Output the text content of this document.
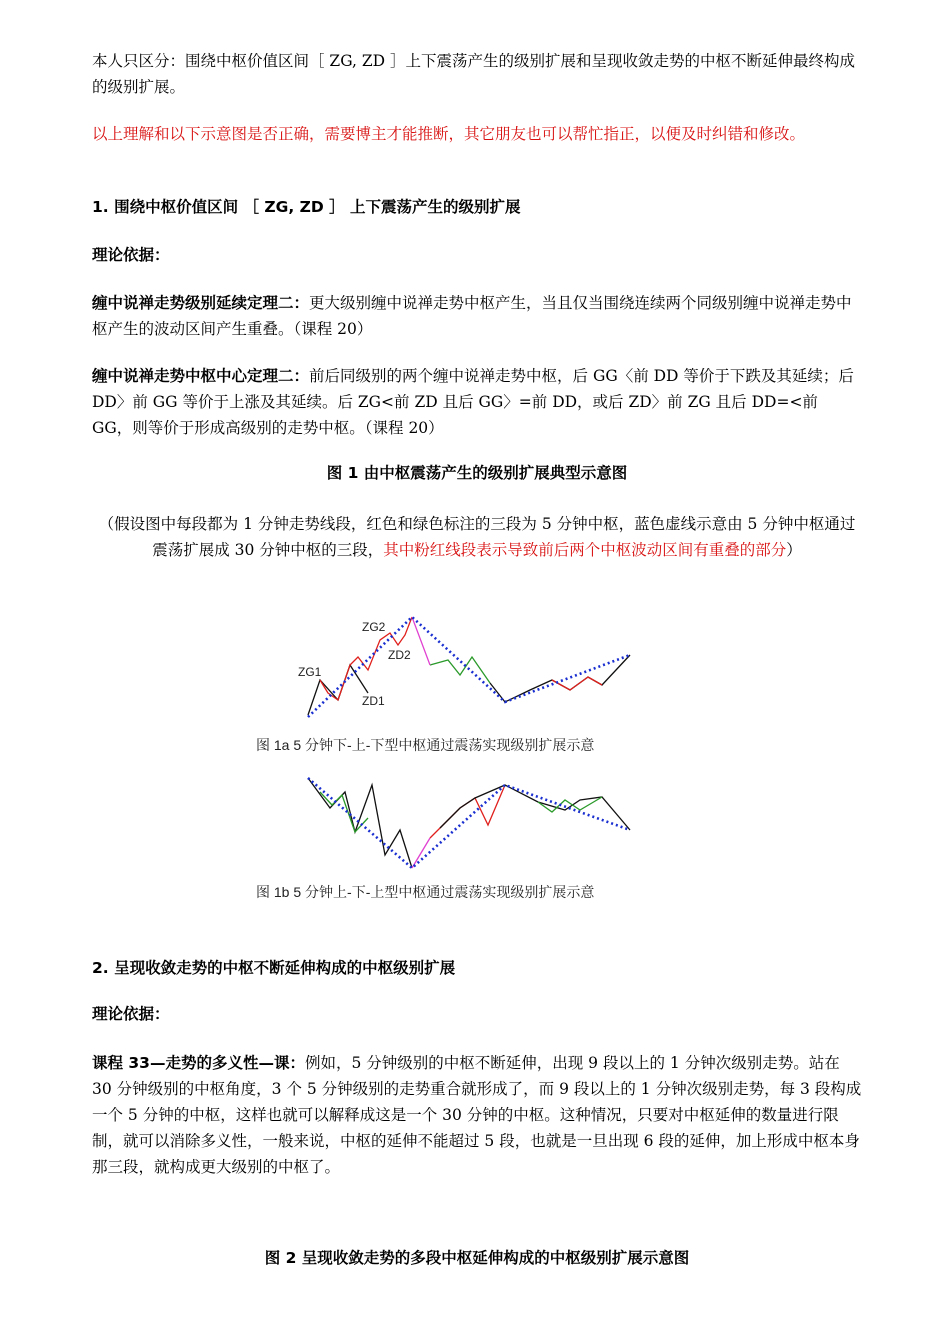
本人只区分：围绕中枢价值区间［ ZG, ZD ］上下震荡产生的级别扩展和呈现收敛走势的中枢不断延伸最终构成的级别扩展。

以上理解和以下示意图是否正确，需要博主才能推断，其它朋友也可以帮忙指正，以便及时纠错和修改。

1. 围绕中枢价值区间 ［ ZG, ZD ］ 上下震荡产生的级别扩展

理论依据：

缠中说禅走势级别延续定理二：更大级别缠中说禅走势中枢产生，当且仅当围绕连续两个同级别缠中说禅走势中枢产生的波动区间产生重叠。（课程 20）

缠中说禅走势中枢中心定理二：前后同级别的两个缠中说禅走势中枢，后 GG〈前 DD 等价于下跌及其延续；后 DD〉前 GG 等价于上涨及其延续。后 ZG<前 ZD 且后 GG〉=前 DD，或后 ZD〉前 ZG 且后 DD=<前 GG，则等价于形成高级别的走势中枢。（课程 20）

图 1 由中枢震荡产生的级别扩展典型示意图

（假设图中每段都为 1 分钟走势线段，红色和绿色标注的三段为 5 分钟中枢，蓝色虚线示意由 5 分钟中枢通过震荡扩展成 30 分钟中枢的三段，其中粉红线段表示导致前后两个中枢波动区间有重叠的部分）

ZG1
ZD1
ZG2
ZD2
图 1a 5 分钟下-上-下型中枢通过震荡实现级别扩展示意
图 1b 5 分钟上-下-上型中枢通过震荡实现级别扩展示意

2. 呈现收敛走势的中枢不断延伸构成的中枢级别扩展

理论依据：

课程 33—走势的多义性—课：例如，5 分钟级别的中枢不断延伸，出现 9 段以上的 1 分钟次级别走势。站在 30 分钟级别的中枢角度，3 个 5 分钟级别的走势重合就形成了，而 9 段以上的 1 分钟次级别走势，每 3 段构成一个 5 分钟的中枢，这样也就可以解释成这是一个 30 分钟的中枢。这种情况，只要对中枢延伸的数量进行限制，就可以消除多义性，一般来说，中枢的延伸不能超过 5 段，也就是一旦出现 6 段的延伸，加上形成中枢本身那三段，就构成更大级别的中枢了。

图 2 呈现收敛走势的多段中枢延伸构成的中枢级别扩展示意图
